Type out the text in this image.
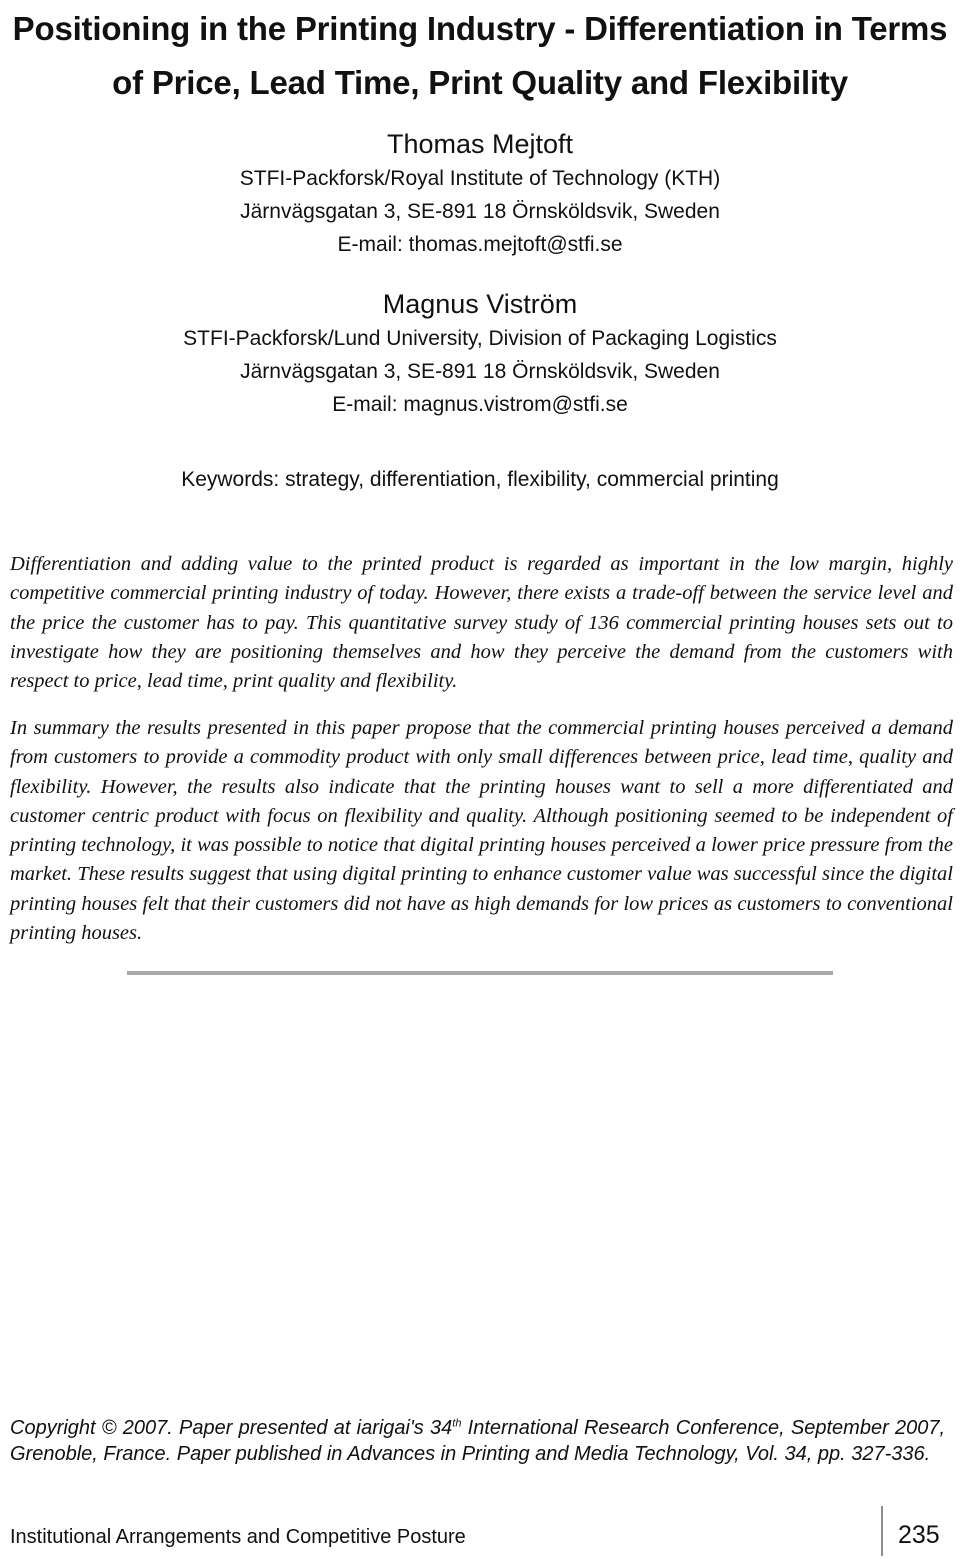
Positioning in the Printing Industry - Differentiation in Terms of Price, Lead Time, Print Quality and Flexibility

Thomas Mejtoft

STFI-Packforsk/Royal Institute of Technology (KTH)

Järnvägsgatan 3, SE-891 18 Örnsköldsvik, Sweden

E-mail: thomas.mejtoft@stfi.se

Magnus Viström

STFI-Packforsk/Lund University, Division of Packaging Logistics

Järnvägsgatan 3, SE-891 18 Örnsköldsvik, Sweden

E-mail: magnus.vistrom@stfi.se

Keywords: strategy, differentiation, flexibility, commercial printing

Differentiation and adding value to the printed product is regarded as important in the low margin, highly competitive commercial printing industry of today. However, there exists a trade-off between the service level and the price the customer has to pay. This quantitative survey study of 136 commercial printing houses sets out to investigate how they are positioning themselves and how they perceive the demand from the customers with respect to price, lead time, print quality and flexibility.

In summary the results presented in this paper propose that the commercial printing houses perceived a demand from customers to provide a commodity product with only small differences between price, lead time, quality and flexibility. However, the results also indicate that the printing houses want to sell a more differentiated and customer centric product with focus on flexibility and quality. Although positioning seemed to be independent of printing technology, it was possible to notice that digital printing houses perceived a lower price pressure from the market. These results suggest that using digital printing to enhance customer value was successful since the digital printing houses felt that their customers did not have as high demands for low prices as customers to conventional printing houses.

Copyright © 2007. Paper presented at iarigai's 34th International Research Conference, September 2007, Grenoble, France. Paper published in Advances in Printing and Media Technology, Vol. 34, pp. 327-336.

Institutional Arrangements and Competitive Posture	235
